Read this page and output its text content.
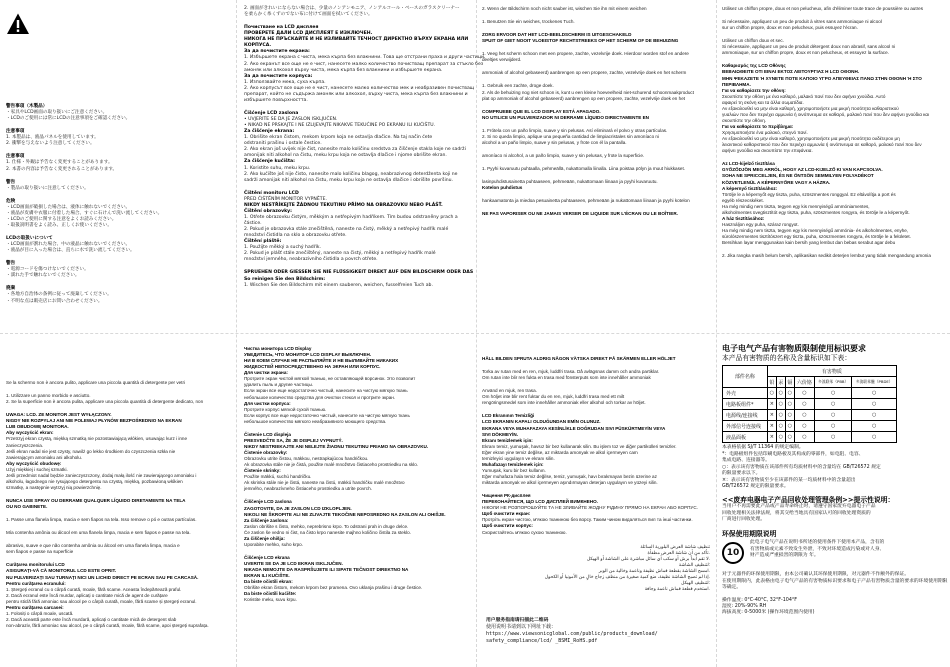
警告事項（木製品）
・家具やLCD画面の取り扱いにご注意ください。
・LCDのご使用には常にLCDの注意事項をご確認ください。
注意事項
1. 本製品は、液晶パネルを使用しています。
2. 衝撃を与えないよう注意してください。
注意事項
1. 仕様・外観は予告なく変更することがあります。
2. 本書の内容は予告なく変更されることがあります。
警告
・製品の取り扱いに注意してください。
危険
・LCD画面が破損した場合は、液体に触れないでください。
・液晶が皮膚や衣服に付着した場合、すぐに石けんで洗い流してください。
・LCDのご使用に関する注意をよくお読みください。
・取扱説明書をよく読み、正しくお使いください。
LCDの取扱いについて
・LCD画面が割れた場合、中の液晶に触れないでください。
・液晶が目に入った場合は、直ちに水で洗い流してください。
警告
・電源コードを傷つけないでください。
・濡れた手で触れないでください。
廃棄
・各地方自治体の条例に従って廃棄してください。
・不明な点は販売店にお問い合わせください。
Se la schermo non è ancora pulito, applicare una piccola quantità di detergente per vetri
1. Utilizzare un panno morbido e asciutto.
2. Se la superficie non è ancora pulita, applicare una piccola quantità di detergente dedicato, non
UWAGA: LCD. ZE MONITOR JEST WYŁĄCZONY.
NIGDY NIE ROZPYLAJ ANI NIE POLEWAJ PŁYNÓW BEZPOŚREDNIO NA EKRAN
LUB OBUDOWĘ MONITORA.
Aby wyczyścić ekran:
Przetrzyj ekran czystą, miękką szmatką nie pozostawiającą włókien, usuwając kurz i inne
zanieczyszczenia.
Jeśli ekran nadal nie jest czysty, nawilż go lekko środkiem do czyszczenia szkła nie
zawierającym amoniaku ani alkoholu.
Aby wyczyścić obudowę:
Użyj miękkiej i suchej szmatki.
Jeśli przedmiot nadal będzie zanieczyszczony, dodaj małą ilość nie zawierającego amoniaku i
alkoholu, łagodnego nie rysującego detergentu na czystą, miękką, pozbawioną włókien
szmatkę, a następnie wytrzyj nią powierzchnię.
NUNCA USE SPRAY OU DERRAME QUALQUER LÍQUIDO DIRETAMENTE NA TELA
OU NO GABINETE.
1. Passe uma flanela limpa, macia e sem fiapos na tela. Isso remove o pó e outras partículas.
Mía contenha amônia ou álcool em uma flanela limpa, macia e sem fiapos e passe na tela.
abrasivo, suave e que não contenha amônia ou álcool em uma flanela limpa, macia e
sem fiapos e passe na superfície
Curățarea monitorului LCD
ASIGURAȚI-VĂ CĂ MONITORUL LCD ESTE OPRIT.
NU PULVERIZAȚI SAU TURNAȚI NICI UN LICHID DIRECT PE ECRAN SAU PE CARCASĂ.
Pentru curățarea ecranului:
1. Ștergeți ecranul cu o cârpă curată, moale, fără scame. Aceasta îndepărtează praful.
2. Dacă ecranul este încă murdar, aplicați o cantitate mică de agent de curățare
pentru sticlă fără amoniac sau alcool pe o cârpă curată, moale, fără scame și ștergeți ecranul.
Pentru curățarea carcasei:
1. Folosiți o cârpă moale, uscată.
2. Dacă această parte este încă murdară, aplicați o cantitate mică de detergent slab
non-abraziv, fără amoniac sau alcool, pe o cârpă curată, moale, fără scame, apoi ștergeți suprafața.
2. 画面がきれいにならない場合は、少量のノンアンモニア、ノンアルコール・ベースのガラスクリーナー
を柔らかく糸くずのでない布に付けて画面を拭いてください。
Почистване на LCD дисплея
ПРОВЕРЕТЕ ДАЛИ LCD ДИСПЛЕЯТ Е ИЗКЛЮЧЕН.
НИКОГА НЕ ПРЪСКАЙТЕ И НЕ ИЗЛИВАЙТЕ ТЕЧНОСТ ДИРЕКТНО ВЪРХУ ЕКРАНА ИЛИ
КОРПУСА.
За да почистите екрана:
1. Избършете екрана с чиста, мека кърпа без влакнини. Това ще отстрани праха и други частици.
2. Ако екранът все още не е чист, нанесете малко количество почистващ препарат за стъкло без
амоняк или алкохол върху чиста, мека кърпа без влакнини и избършете екрана.
За да почистите корпуса:
1. Използвайте мека, суха кърпа.
2. Ако корпусът все още не е чист, нанесете малко количество мек и неабразивен почистващ
препарат, който не съдържа амоняк или алкохол, върху чиста, мека кърпа без влакнини и
избършете повърхността.
Čišćenje LCD zaslona
• UVJERITE SE DA JE ZASLON ISKLJUČEN.
• NIKAD NE PRSKAJTE I NE IZLIJEVAJTE NIKAKVE TEKUĆINE PO EKRANU ILI KUĆIŠTU.
Za čišćenje ekrana:
1. Obrišite ekran čistom, mekom krpom koja ne ostavlja dlačice. Na taj način ćete
odstraniti prašinu i ostale čestice.
2. Ako ekran još uvijek nije čist, nanesite malo količinu sredstva za čišćenje stakla koje ne sadrži
amonijak niti alkohol na čistu, meku krpu koja ne ostavlja dlačice i njome obrišite ekran.
Za čišćenje kućišta:
1. Koristite suhu, meku krpu.
2. Ako kućište još nije čisto, nanesite malo količinu blagog, neabrazivnog deterdženta koji ne
sadrži amonijak niti alkohol na čistu, meku krpu koja ne ostavlja dlačice i obrišite površinu.
Čištění monitoru LCD
PŘED ČIŠTĚNÍM MONITOR VYPNĚTE.
NIKDY NESTŘÍKEJTE ŽÁDNOU TEKUTINU PŘÍMO NA OBRAZOVKU NEBO PLÁŠŤ.
Čištění obrazovky:
1. Otřete obrazovku čistým, měkkým a netřepivým hadříkem. Tím budou odstraněny prach a
částice.
2. Pokud je obrazovka stále znečištěná, naneste na čistý, měkký a netřepivý hadřík malé
množství čistidla na sklo a obrazovku otřete.
Čištění pláště:
1. Použijte měkký a suchý hadřík.
2. Pokud je plášť stále znečištěný, naneste na čistý, měkký a netřepivý hadřík malé
množství jemného, neabrazivního čistidla a povrch otřete.
SPRUEHEN ODER GIESSEN SIE NIE FLÜSSIGKEIT DIREKT AUF DEN BILDSCHIRM ODER DAS
So reinigen Sie den Bildschirm:
1. Wischen Sie den Bildschirm mit einem sauberen, weichen, fusselfreien Tuch ab.
Чистка монитора LCD Display
УБЕДИТЕСЬ, ЧТО МОНИТОР LCD DISPLAY ВЫКЛЮЧЕН.
НИ В КОЕМ СЛУЧАЕ НЕ РАСПЫЛЯЙТЕ И НЕ ВЫЛИВАЙТЕ НИКАКИХ
ЖИДКОСТЕЙ НЕПОСРЕДСТВЕННО НА ЭКРАН ИЛИ КОРПУС.
Для чистки экрана:
Протрите экран чистой мягкой тканью, не оставляющей ворсинок. Это позволит
удалить пыль и другие частицы.
Если экран все еще недостаточно чистый, нанесите на чистую мягкую ткань
небольшое количество средства для очистки стекол и протрите экран.
Для чистки корпуса:
Протрите корпус мягкой сухой тканью.
Если корпус все еще недостаточно чистый, нанесите на чистую мягкую ткань
небольшое количество мягкого неабразивного моющего средства.
Čistenie LCD displeja
PRESVEDČTE SA, ŽE JE DISPLEJ VYPNUTÝ.
NIKDY NESTRIEKAJTE ANI NELEJTE ŽIADNU TEKUTINU PRIAMO NA OBRAZOVKU.
Čistenie obrazovky:
Obrazovku utrite čistou, mäkkou, nestrapkajúcou handričkou.
Ak obrazovka stále nie je čistá, použite malé množstvo čistiaceho prostriedku na sklo.
Čistenie skrinky:
Použite mäkkú, suchú handričku.
Ak skrinka stále nie je čistá, naneste na čistú, mäkkú handričku malé množstvo
jemného, neabrazívneho čistiaceho prostriedku a utrite povrch.
Čiščenje LCD zaslona
ZAGOTOVITE, DA JE ZASLON LCD IZKLOPLJEN.
NIKOLI NE ŠKROPITE ALI NE ZLIVAJTE TEKOČINE NEPOSREDNO NA ZASLON ALI OHIŠJE.
Za čiščenje zaslona:
Zaslon obrišite s čisto, mehko, neprebrisno krpo. To odstrani prah in druge delce.
Če zaslon še vedno ni čist, na čisto krpo nanesite majhno količino čistila za steklo.
Za čiščenje ohišja:
Uporabite mehko, suho krpo.
Čišćenje LCD ekrana
UVERITE SE DA JE LCD EKRAN ISKLJUČEN.
NIKADA NEMOJTE DA RASPRŠUJETE ILI SIPATE TEČNOST DIREKTNO NA
EKRAN ILI KUĆIŠTE.
Da biste očistili ekran:
Obrišite ekran čistom, mekom krpom bez pramena. Ovo uklanja prašinu i druge čestice.
Da biste očistili kućište:
Koristite meku, suvu krpu.
2. Wenn der Bildschirm noch nicht sauber ist, wischen Sie ihn mit einem weichen
1. Benutzen Sie ein weiches, trockenes Tuch.
ZORG ERVOOR DAT HET LCD-BEELDSCHERM IS UITGESCHAKELD
SPUIT OF GIET NOOIT VLOEISTOF RECHTSTREEKS OP HET SCHERM OF DE BEHUIZING
1. Veeg het scherm schoon met een propere, zachte, vezelvrije doek. Hierdoor worden stof en andere
deeltjes verwijderd.
ammoniak of alcohol gebaseerd) aanbrengen op een propere, zachte, vezelvrije doek en het scherm
1. Gebruik een zachte, droge doek.
2. Als de behuizing nog niet schoon is, kunt u een kleine hoeveelheid niet-schurend schoonmaakproduct
plat op ammoniak of alcohol gebaseerd) aanbrengen op een propere, zachte, vezelvrije doek en het
COMPRUEBE QUE EL LCD DISPLAY ESTÁ APAGADO.
NO UTILICE UN PULVERIZADOR NI DERRAME LÍQUIDO DIRECTAMENTE EN
1. Frótela con un paño limpio, suave y sin pelusas. Así eliminará el polvo y otras partículas.
2. Si no queda limpio, aplique una pequeña cantidad de limpiacristales sin amoníaco ni
alcohol a un paño limpio, suave y sin pelusas, y frote con él la pantalla.
amoníaco ni alcohol, a un paño limpio, suave y sin pelusas, y frote la superficie.
1. Pyyhi kuvaruutu puhtaalla, pehmeällä, nukattomalla liinalla. Liina poistaa pölyn ja muut hiukkaset.
lasinpuhdistusainetta puhtaaseen, pehmeään, nukattomaan liinaan ja pyyhi kuvaruutu.
Kotelon puhdistus
hankaamatonta ja miedoa pesuainetta puhtaaseen, pehmeään ja nukattomaan liinaan ja pyyhi kotelon
NE PAS VAPORISER OU NE JAMAIS VERSER DE LIQUIDE SUR L'ÉCRAN OU LE BOÎTIER.
HÅLL BILDEN SPRUTA ALDRIG NÅGON VÄTSKA DIREKT PÅ SKÄRMEN ELLER HÖLJET
Torka av rutan med en ren, mjuk, luddfri trasa. Då avlägsnas damm och andra partiklar.
Om rutan inte blir ren fukta en trasa med fönsterputs som inte innehåller ammoniak
Använd en mjuk, ren trasa.
Om höljet inte blir rent fuktar du en ren, mjuk, luddfri trasa med ett milt
rengöringsmedel som inte innehåller ammoniak eller alkohol och torkar av höljet.
LCD Ekranının Temizliği
LCD EKRANIN KAPALI OLDUĞUNDAN EMİN OLUNUZ.
EKRANA VEYA MUHAFAZAYA KESİNLİKLE DOĞRUDAN SIVI PÜSKÜRTMEYİN VEYA
SIVI DÖKMEYİN.
Ekranı temizlemek için:
Ekranı temiz, yumuşak, havsız bir bez kullanarak silin. Bu işlem toz ve diğer partikülleri temizler.
Eğer ekran yine temiz değilse, az miktarda amonyak ve alkol içermeyen cam
temizleyici uygulayın ve ekranı silin.
Muhafazayı temizlemek için:
Yumuşak, kuru bir bez kullanın.
Eğer muhafaza hala temiz değilse, temiz, yumuşak, havı bırakmayan bezin üzerine az
miktarda amonyak ve alkol içermeyen aşındırmayan deterjan uygulayın ve yüzeyi silin.
Чищення РК-дисплея
ПЕРЕКОНАЙТЕСЯ, ЩО LCD ДИСПЛЕЙ ВИМКНЕНО.
НІКОЛИ НЕ РОЗПОРОШУЙТЕ ТА НЕ ЗЛИВАЙТЕ ЖОДНУ РІДИНУ ПРЯМО НА ЕКРАН АБО КОРПУС.
Щоб очистити екран:
Протріть екран чистою, м'якою тканиною без ворсу. Таким чином видаляться пил та інші частинки.
Щоб очистити корпус:
Скористайтесь м'якою сухою тканиною.
تنظيف شاشة العرض البلورية السائلة
تأكد من أن شاشة العرض مطفأة.
لا تقم أبداً برش أو سكب أي سائل مباشرة على الشاشة أو الهيكل.
لتنظيف الشاشة:
امسح الشاشة بقطعة قماش نظيفة وناعمة وخالية من الوبر.
إذا لم تصبح الشاشة نظيفة، ضع كمية صغيرة من منظف زجاج خالٍ من الأمونيا أو الكحول.
لتنظيف الهيكل:
استخدم قطعة قماش ناعمة وجافة.
Utilisez un chiffon propre, doux et non pelucheux, afin d'éliminer toute trace de poussière ou autres
Si nécessaire, appliquez un peu de produit à vitres sans ammoniaque ni alcool
sur un chiffon propre, doux et non pelucheux, puis essuyez l'écran.
Utilisez un chiffon doux et sec.
Si nécessaire, appliquez un peu de produit détergent doux non abrasif, sans alcool ni
ammoniaque, sur un chiffon propre, doux et non pelucheux, et essuyez la surface.
Καθαρισμός της LCD Οθόνης
ΒΕΒΑΙΩΘΕΙΤΕ ΟΤΙ ΕΙΝΑΙ ΕΚΤΟΣ ΛΕΙΤΟΥΡΓΙΑΣ Η LCD ΟΘΟΝΗ.
ΜΗΝ ΨΕΚΑΖΕΤΕ Ή ΧΥΝΕΤΕ ΠΟΤΕ ΚΑΠΟΙΟ ΥΓΡΟ ΑΠΕΥΘΕΙΑΣ ΠΑΝΩ ΣΤΗΝ ΟΘΟΝΗ Ή ΣΤΟ
ΠΕΡΙΒΛΗΜΑ.
Για να καθαρίσετε την οθόνη:
Σκουπίστε την οθόνη με ένα καθαρό, μαλακό πανί που δεν αφήνει χνούδια. Αυτό
αφαιρεί τη σκόνη και τα άλλα σωματίδια.
Αν εξακολουθεί να μην είναι καθαρή, χρησιμοποιήστε μια μικρή ποσότητα καθαριστικού
γυαλιών που δεν περιέχει αμμωνία ή οινόπνευμα σε καθαρό, μαλακό πανί που δεν αφήνει χνούδια και
σκουπίστε την οθόνη.
Για να καθαρίσετε το περίβλημα:
Χρησιμοποιήστε ένα μαλακό, στεγνό πανί.
Αν εξακολουθεί να μην είναι καθαρό, χρησιμοποιήστε μια μικρή ποσότητα ουδέτερου μη
λειαντικού καθαριστικού που δεν περιέχει αμμωνία ή οινόπνευμα σε καθαρό, μαλακό πανί που δεν
αφήνει χνούδια και σκουπίστε την επιφάνεια.
Az LCD-kijelző tisztítása
GYŐZŐDJÖN MEG ARRÓL, HOGY AZ LCD-KIJELZŐ KI VAN KAPCSOLVA.
SOHA NE SPRICCELJEN, ÉS NE ÖNTSÖN SEMMILYEN FOLYADÉKOT
KÖZVETLENÜL A KÉPERNYŐRE VAGY A HÁZRA.
A képernyő tisztításához:
Törölje le a képernyőt egy tiszta, puha, szöszmentes ronggyal. Ez eltávolítja a port és
egyéb részecskéket.
Ha még mindig nem tiszta, tegyen egy kis mennyiségű ammóniamentes,
alkoholmentes üvegtisztítót egy tiszta, puha, szöszmentes rongyra, és törölje le a képernyőt.
A ház tisztításához:
Használjon egy puha, száraz rongyot.
Ha még mindig nem tiszta, tegyen egy kis mennyiségű ammónia- és alkoholmentes, enyhe,
súrolószermentes tisztítószert egy tiszta, puha, szöszmentes rongyra, és törölje le a felületet.
Bersihkan layar menggunakan kain bersih yang lembut dan bebas serabut agar debu
2. Jika rangka masih belum bersih, aplikasikan sedikit deterjen lembut yang tidak mengandung amonia
电子电气产品有害物质限制使用标识要求
本产品有害物质的名称及含量标识如下表：
部件名称	有害物质					
	铅	汞	镉	六价铬	多溴联苯（PBB）	多溴联苯醚（PBDE）
外壳	○	○	○	○	○	○
电路板组件*	×	○	○	○	○	○
电源线/连接线	×	○	○	○	○	○
外部信号连接线	×	○	○	○	○	○
液晶面板	×	○	○	○	○	○
本表格依据 SJ/T 11364 的规定编制。
*：电路板组件包括印刷电路板及其构成的零部件，如电阻、电容、
集成电路、连接器等。
○：表示该有害物质在该部件所有均质材料中的含量均在 GB/T26572 规定
的限量要求以下。
×：表示该有害物质至少在该部件的某一均质材料中的含量超出
GB/T26572 规定的限量要求。
<<废弃电器电子产品回收处理管理条例>>提示性说明：
当用户不再需要此产品或产品寿命终止时，请遵守国家废弃电器电子产品
回收处理相关法律法规，将其交给当地具有国家认可的回收处理资质的
厂商进行回收处理。
环保使用期限说明
10
此电子电气产品在说明书所述的使用条件下使用本产品，含有的
有害物质或元素不致发生外泄，不致对环境造成污染或对人身、
财产造成严重损害的期限为 年。
对于元器件的环保使用期限，由本公司确认其环保使用期限，对元器件不作额外的保证。
在使用期限内，此表格由电子电气产品的有害物质标识要求和电子产品有害物质含量的要求的环境使用期限等确定。
操作温度: 0°C-40°C, 32°F-104°F
湿度: 20%-90% RH
海拔高度: 0-5000米 (操作环境范围内使用)
用户服务指南请扫描此二维码
使用说明书请到以下网址下载：
https://www.viewsonicglobal.com/public/products_download/
safety_compliance/lcd/ _BSMI_RoHS.pdf
